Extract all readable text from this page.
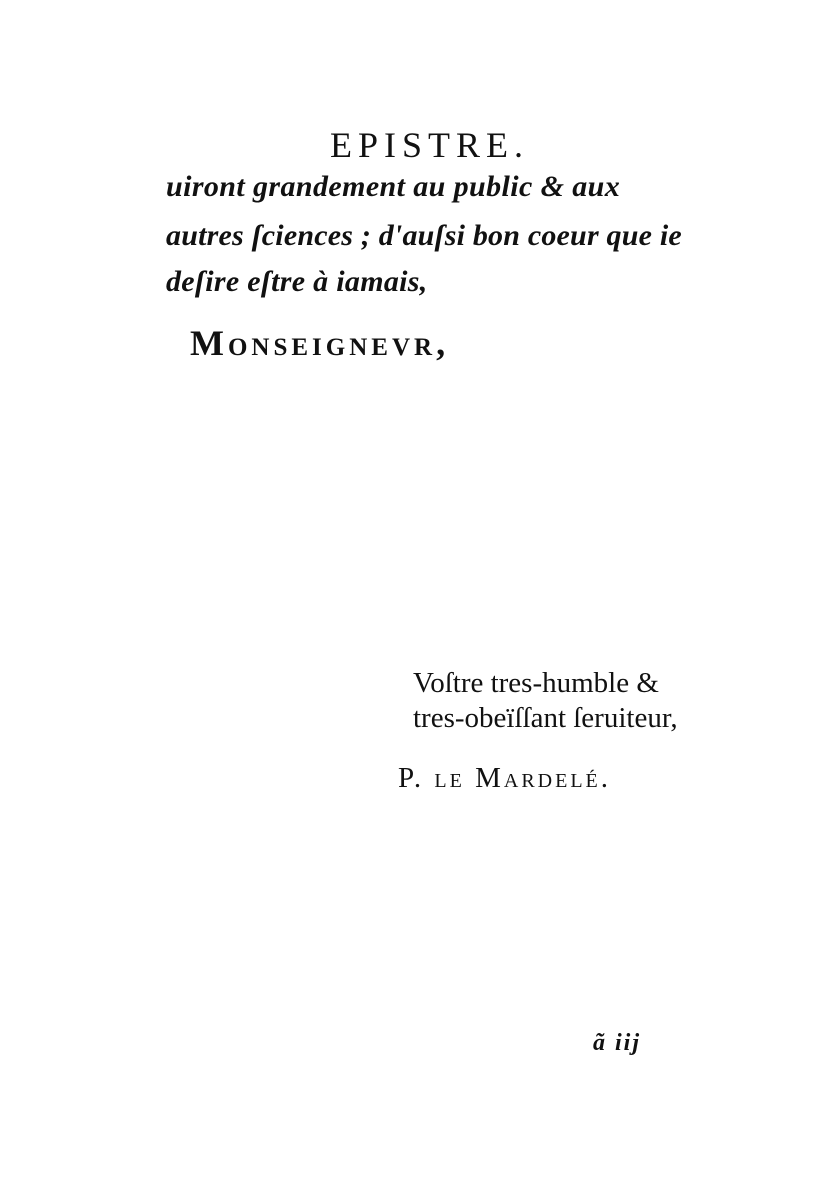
EPISTRE.
uiront grandement au public & aux
autres ſciences ; d'auſsi bon coeur que ie
deſire eſtre à iamais,
Monseignevr,
Voſtre tres-humble &
tres-obeïſſant ſeruiteur,
P. le Mardelé.
ã iij
